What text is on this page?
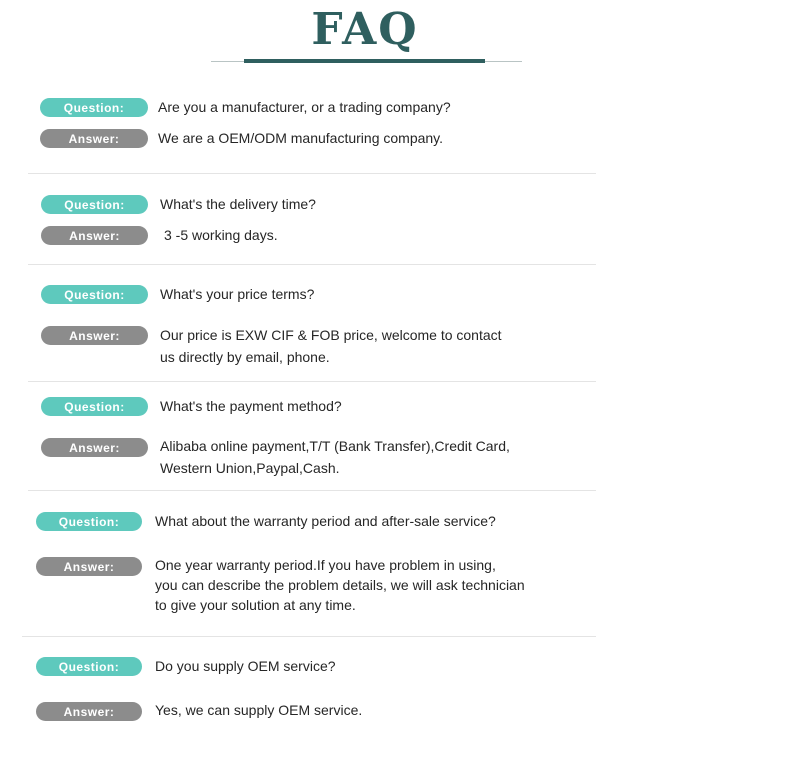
FAQ
Question:	Are you a manufacturer, or a trading company?
Answer:	We are a OEM/ODM manufacturing company.
Question:	What's the delivery time?
Answer:	3 -5 working days.
Question:	What's your price terms?
Answer:	Our price is EXW CIF & FOB price, welcome to contact
us directly by email, phone.
Question:	What's the payment method?
Answer:	Alibaba online payment,T/T (Bank Transfer),Credit Card,
Western Union,Paypal,Cash.
Question:	What about the warranty period and after-sale service?
Answer:	One year warranty period.If you have problem in using,
you can describe the problem details, we will ask technician
to give your solution at any time.
Question:	Do you supply OEM service?
Answer:	Yes, we can supply OEM service.
